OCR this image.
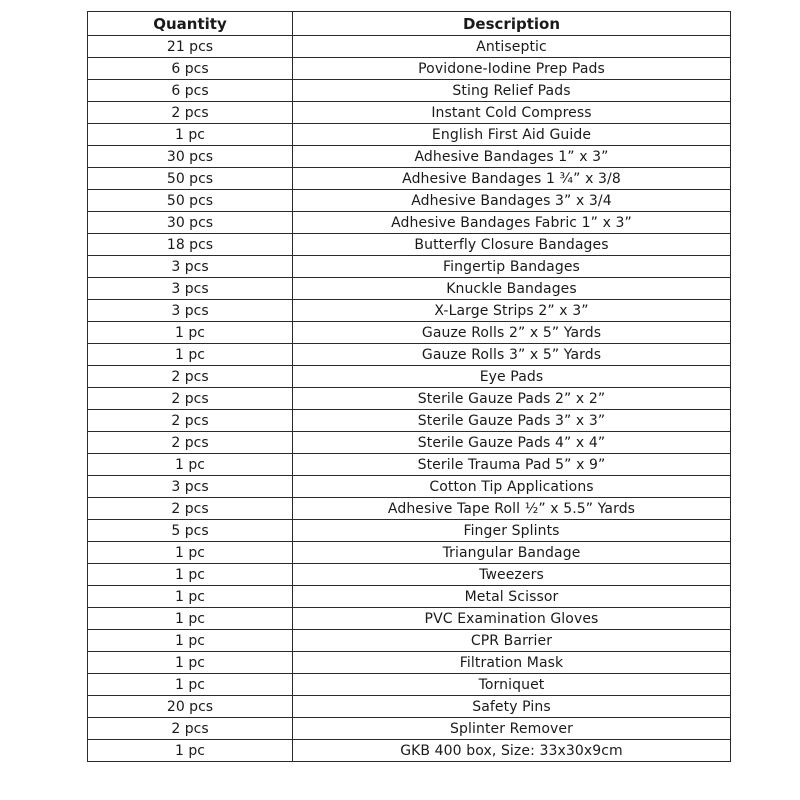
Quantity	Description
21 pcs	Antiseptic
6 pcs	Povidone-Iodine Prep Pads
6 pcs	Sting Relief Pads
2 pcs	Instant Cold Compress
1 pc	English First Aid Guide
30 pcs	Adhesive Bandages 1” x 3”
50 pcs	Adhesive Bandages 1 ¾” x 3/8
50 pcs	Adhesive Bandages 3” x 3/4
30 pcs	Adhesive Bandages Fabric 1” x 3”
18 pcs	Butterfly Closure Bandages
3 pcs	Fingertip Bandages
3 pcs	Knuckle Bandages
3 pcs	X-Large Strips 2” x 3”
1 pc	Gauze Rolls 2” x 5” Yards
1 pc	Gauze Rolls 3” x 5” Yards
2 pcs	Eye Pads
2 pcs	Sterile Gauze Pads 2” x 2”
2 pcs	Sterile Gauze Pads 3” x 3”
2 pcs	Sterile Gauze Pads 4” x 4”
1 pc	Sterile Trauma Pad 5” x 9”
3 pcs	Cotton Tip Applications
2 pcs	Adhesive Tape Roll ½” x 5.5” Yards
5 pcs	Finger Splints
1 pc	Triangular Bandage
1 pc	Tweezers
1 pc	Metal Scissor
1 pc	PVC Examination Gloves
1 pc	CPR Barrier
1 pc	Filtration Mask
1 pc	Torniquet
20 pcs	Safety Pins
2 pcs	Splinter Remover
1 pc	GKB 400 box, Size: 33x30x9cm
